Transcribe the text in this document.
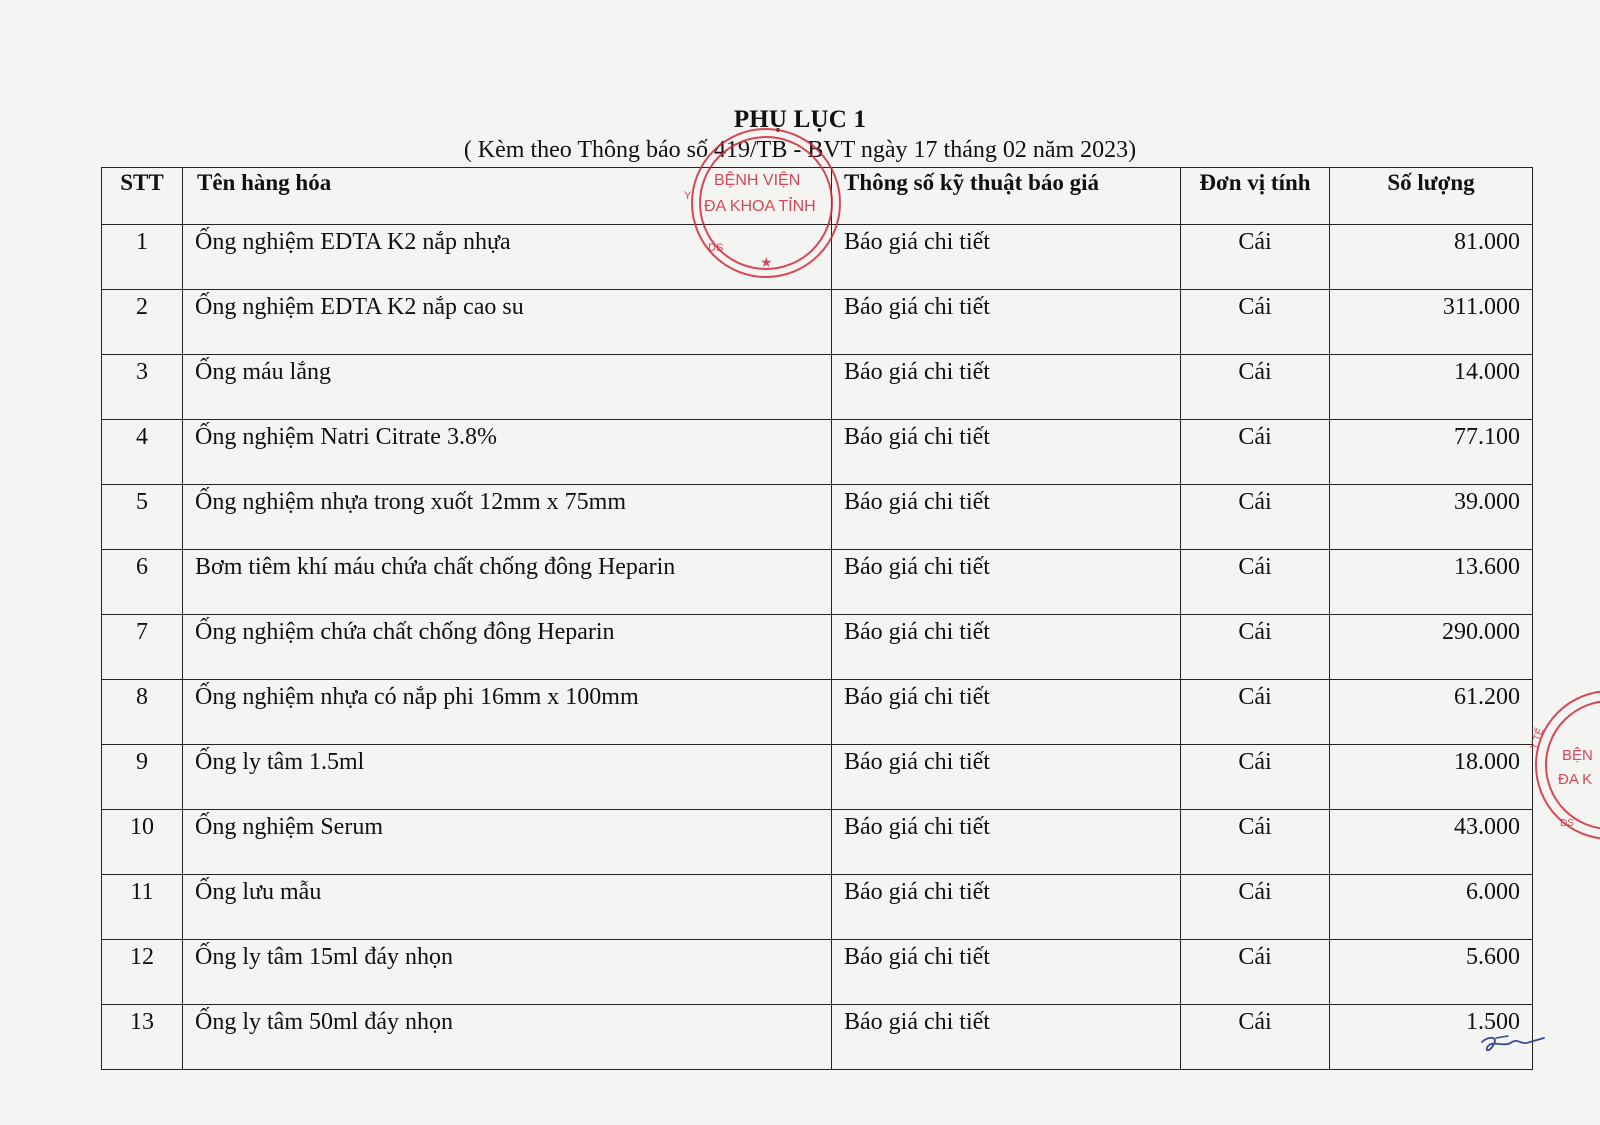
PHỤ LỤC 1
( Kèm theo Thông báo số 419/TB - BVT ngày 17 tháng 02 năm 2023)
STT	Tên hàng hóa	Thông số kỹ thuật báo giá	Đơn vị tính	Số lượng
1	Ống nghiệm EDTA K2 nắp nhựa	Báo giá chi tiết	Cái	81.000
2	Ống nghiệm EDTA K2 nắp cao su	Báo giá chi tiết	Cái	311.000
3	Ống máu lắng	Báo giá chi tiết	Cái	14.000
4	Ống nghiệm Natri Citrate 3.8%	Báo giá chi tiết	Cái	77.100
5	Ống nghiệm nhựa trong xuốt 12mm x 75mm	Báo giá chi tiết	Cái	39.000
6	Bơm tiêm khí máu chứa chất chống đông Heparin	Báo giá chi tiết	Cái	13.600
7	Ống nghiệm chứa chất chống đông Heparin	Báo giá chi tiết	Cái	290.000
8	Ống nghiệm nhựa có nắp phi 16mm x 100mm	Báo giá chi tiết	Cái	61.200
9	Ống ly tâm 1.5ml	Báo giá chi tiết	Cái	18.000
10	Ống nghiệm Serum	Báo giá chi tiết	Cái	43.000
11	Ống lưu mẫu	Báo giá chi tiết	Cái	6.000
12	Ống ly tâm 15ml đáy nhọn	Báo giá chi tiết	Cái	5.600
13	Ống ly tâm 50ml đáy nhọn	Báo giá chi tiết	Cái	1.500
BỆNH VIỆN
ĐA KHOA TỈNH
Y
DS
★
BỆN
ĐA K
Y TẾ
DS
